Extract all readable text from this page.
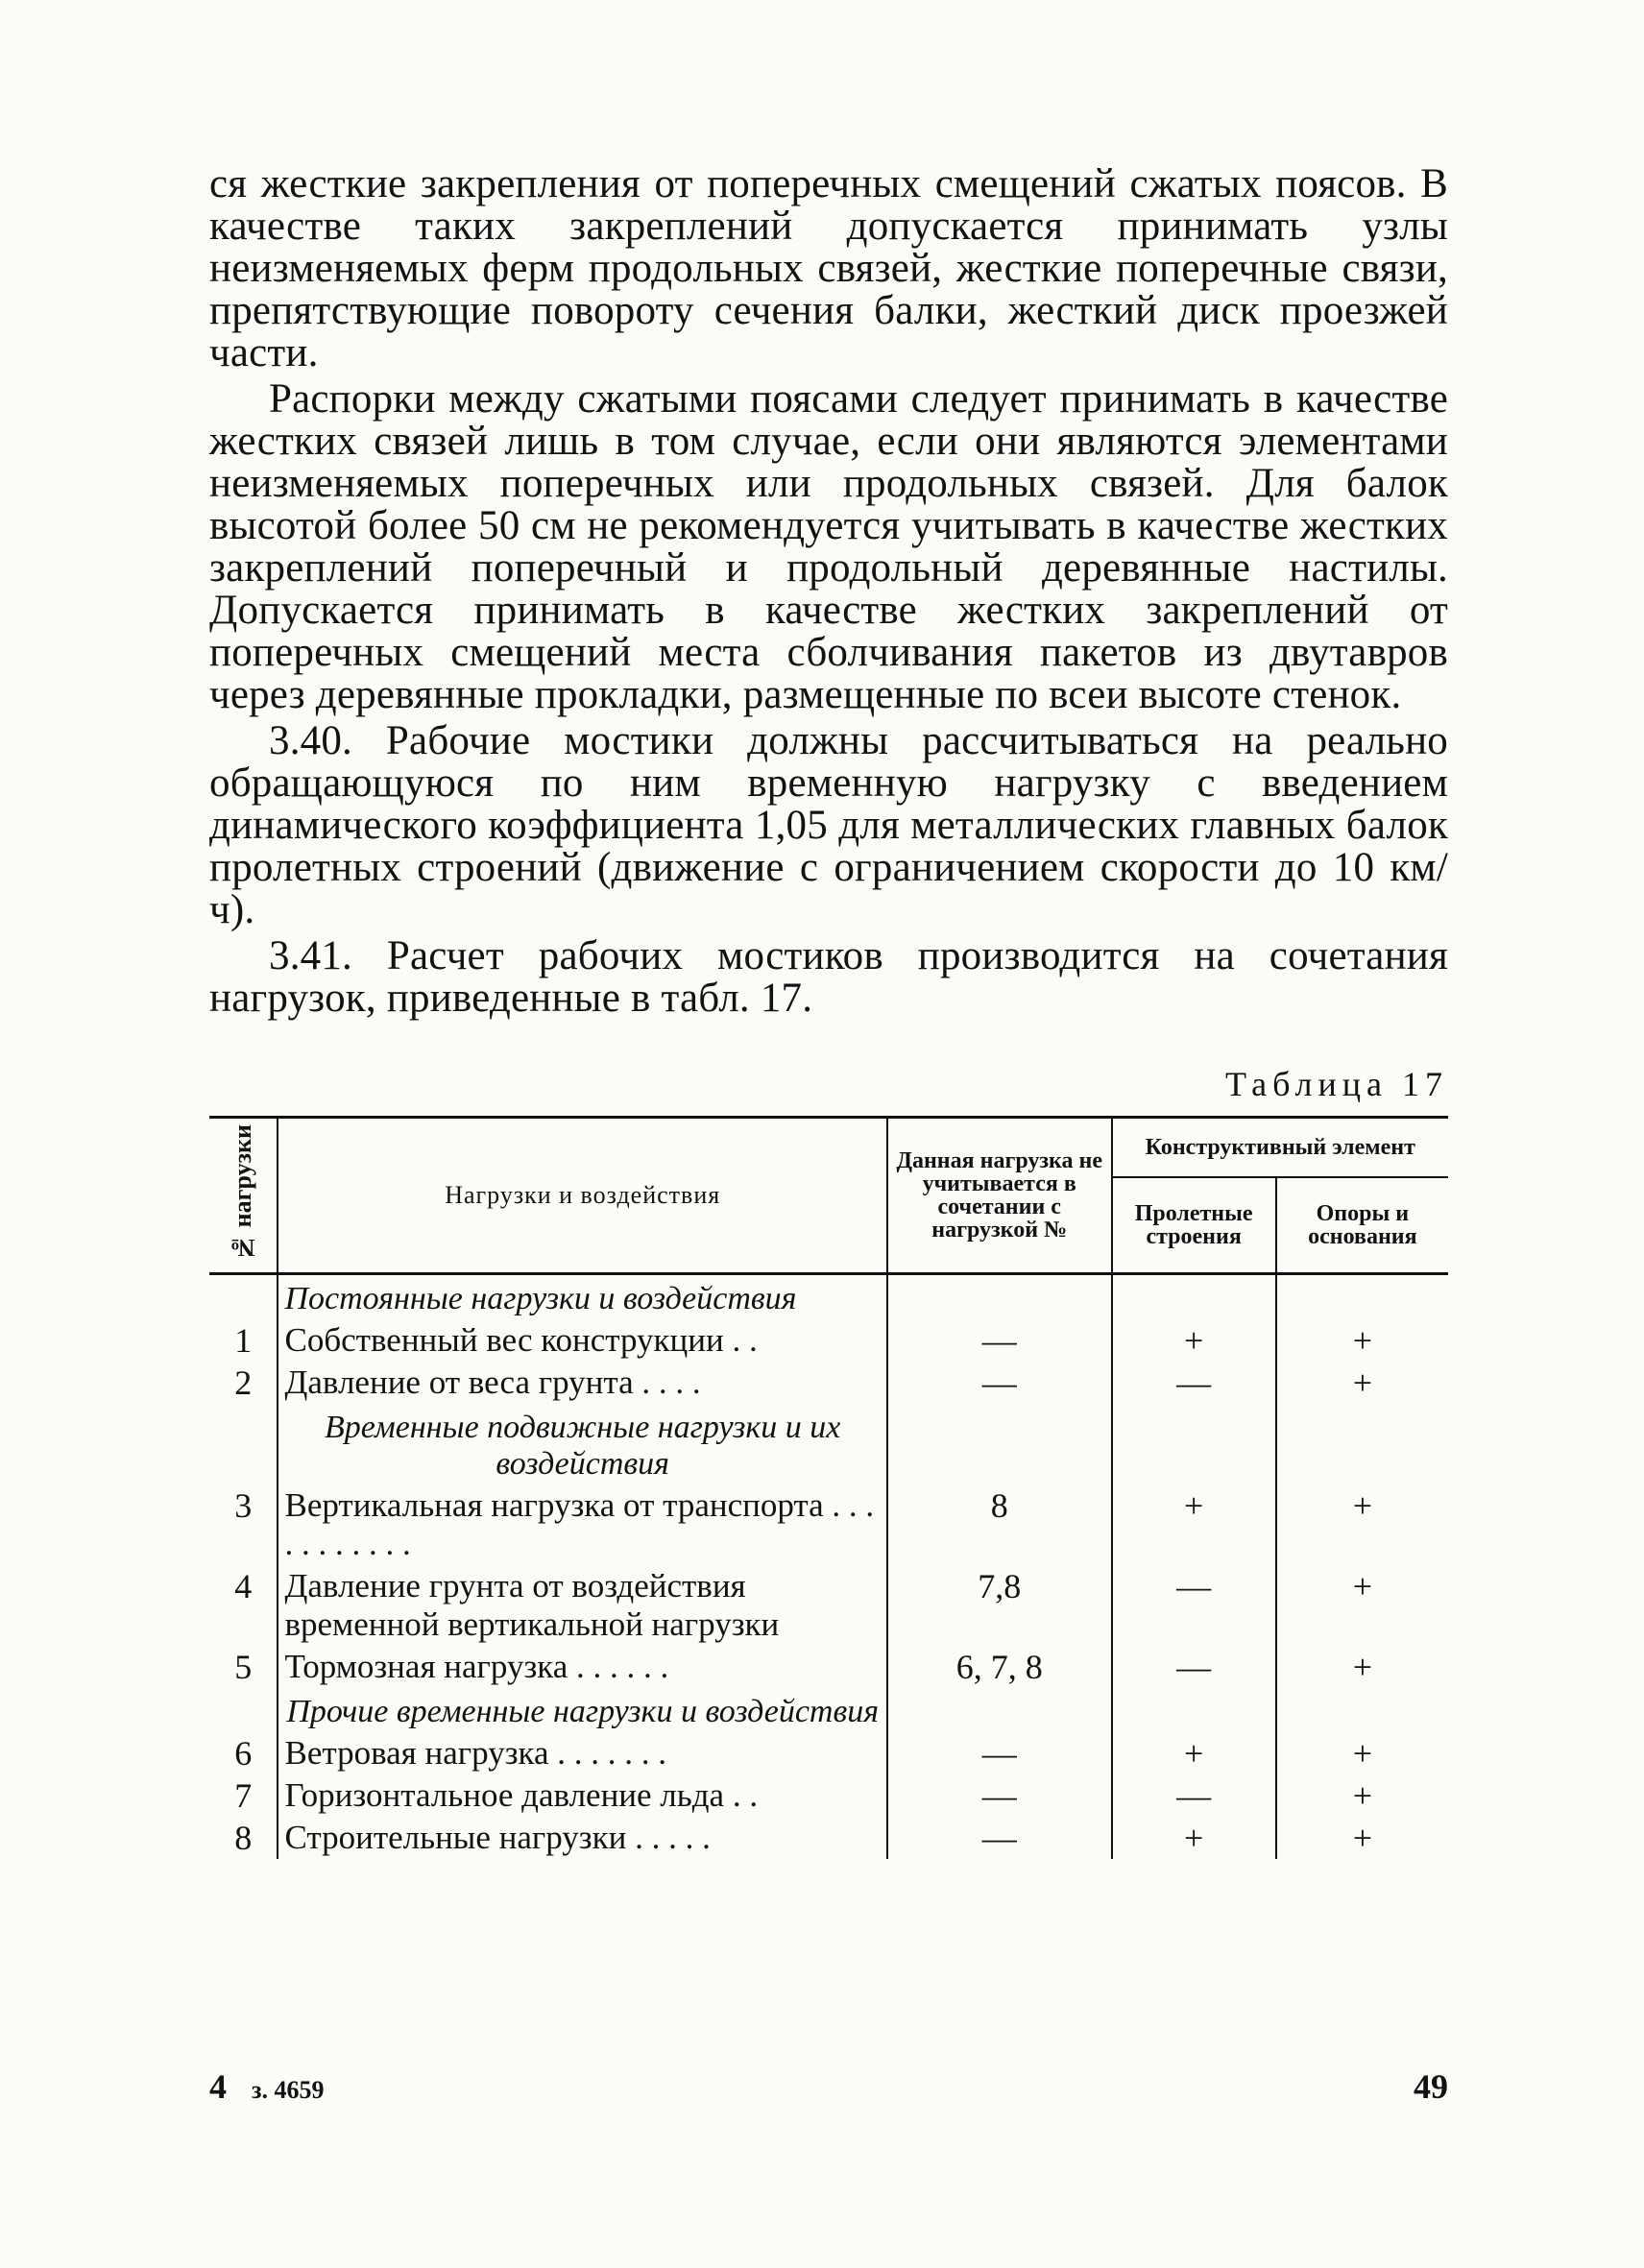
ся жесткие закрепления от поперечных смещений сжатых поясов. В качестве таких закреплений допускается принимать узлы неизменяемых ферм продольных связей, жесткие поперечные связи, препятствующие повороту сечения балки, жесткий диск проезжей части.

Распорки между сжатыми поясами следует принимать в качестве жестких связей лишь в том случае, если они являются элементами неизменяемых поперечных или продольных связей. Для балок высотой более 50 см не рекомендуется учитывать в качестве жестких закреплений поперечный и продольный деревянные настилы. Допускается принимать в качестве жестких закреплений от поперечных смещений места сболчивания пакетов из двутавров через деревянные прокладки, размещенные по всеи высоте стенок.

3.40. Рабочие мостики должны рассчитываться на реально обращающуюся по ним временную нагрузку с введением динамического коэффициента 1,05 для металлических главных балок пролетных строений (движение с ограничением скорости до 10 км/ч).

3.41. Расчет рабочих мостиков производится на сочетания нагрузок, приведенные в табл. 17.

Таблица 17
№ нагрузки	Нагрузки и воздействия	Данная нагрузка не учитывается в сочетании с нагрузкой №	Конструктивный элемент	
			Пролетные строения	Опоры и основания
	Постоянные нагрузки и воздействия			
1	Собственный вес конструкции . .	—	+	+
2	Давление от веса грунта . . . .	—	—	+
	Временные подвижные нагрузки и их воздействия			
3	Вертикальная нагрузка от транспорта . . . . . . . . . . .	8	+	+
4	Давление грунта от воздействия временной вертикальной нагрузки	7,8	—	+
5	Тормозная нагрузка . . . . . .	6, 7, 8	—	+
	Прочие временные нагрузки и воздействия			
6	Ветровая нагрузка . . . . . . .	—	+	+
7	Горизонтальное давление льда . .	—	—	+
8	Строительные нагрузки . . . . .	—	+	+
4 з. 4659	49
